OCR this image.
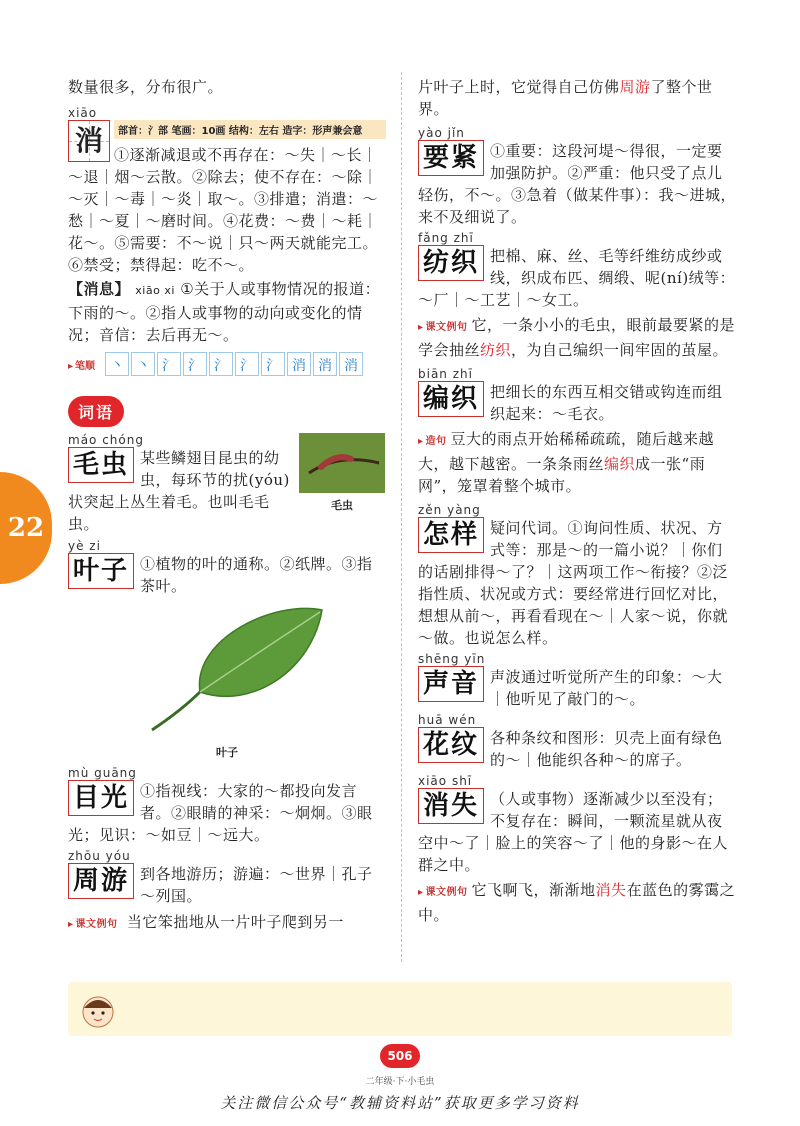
22

数量很多，分布很广。

xiāo
消	部首：氵部 笔画：10画 结构：左右 造字：形声兼会意

①逐渐减退或不再存在：～失｜～长｜～退｜烟～云散。②除去；使不存在：～除｜～灭｜～毒｜～炎｜取～。③排遣；消遣：～愁｜～夏｜～磨时间。④花费：～费｜～耗｜花～。⑤需要：不～说｜只～两天就能完工。⑥禁受；禁得起：吃不～。

【消息】 xiāo xi ①关于人或事物情况的报道：下雨的～。②指人或事物的动向或变化的情况；音信：去后再无～。

▸ 笔顺	丶 丶 氵 氵 氵 氵 氵 消 消 消
词语
毛虫
máo chóng
毛虫 某些鳞翅目昆虫的幼虫，每环节的扰(yóu)状突起上丛生着毛。也叫毛毛虫。

yè zi
叶子 ①植物的叶的通称。②纸牌。③指茶叶。

叶子
mù guāng
目光 ①指视线：大家的～都投向发言者。②眼睛的神采：～炯炯。③眼光；见识：～如豆｜～远大。

zhōu yóu
周游 到各地游历；游遍：～世界｜孔子～列国。

▸ 课文例句 当它笨拙地从一片叶子爬到另一

片叶子上时，它觉得自己仿佛周游了整个世界。

yào jǐn
要紧 ①重要：这段河堤～得很，一定要加强防护。②严重：他只受了点儿轻伤，不～。③急着（做某件事）：我～进城，来不及细说了。

fǎng zhī
纺织 把棉、麻、丝、毛等纤维纺成纱或线，织成布匹、绸缎、呢(ní)绒等：～厂｜～工艺｜～女工。

▸ 课文例句 它，一条小小的毛虫，眼前最要紧的是学会抽丝纺织，为自己编织一间牢固的茧屋。

biān zhī
编织 把细长的东西互相交错或钩连而组织起来：～毛衣。

▸ 造句 豆大的雨点开始稀稀疏疏，随后越来越大，越下越密。一条条雨丝编织成一张“雨网”，笼罩着整个城市。

zěn yàng
怎样 疑问代词。①询问性质、状况、方式等：那是～的一篇小说？｜你们的话剧排得～了？｜这两项工作～衔接？②泛指性质、状况或方式：要经常进行回忆对比，想想从前～，再看看现在～｜人家～说，你就～做。也说怎么样。

shēng yīn
声音 声波通过听觉所产生的印象：～大｜他听见了敲门的～。

huā wén
花纹 各种条纹和图形：贝壳上面有绿色的～｜他能织各种～的席子。

xiāo shī
消失 （人或事物）逐渐减少以至没有；不复存在：瞬间，一颗流星就从夜空中～了｜脸上的笑容～了｜他的身影～在人群之中。

▸ 课文例句 它飞啊飞，渐渐地消失在蓝色的雾霭之中。

506
二年级·下·小毛虫
关注微信公众号“教辅资料站”获取更多学习资料
